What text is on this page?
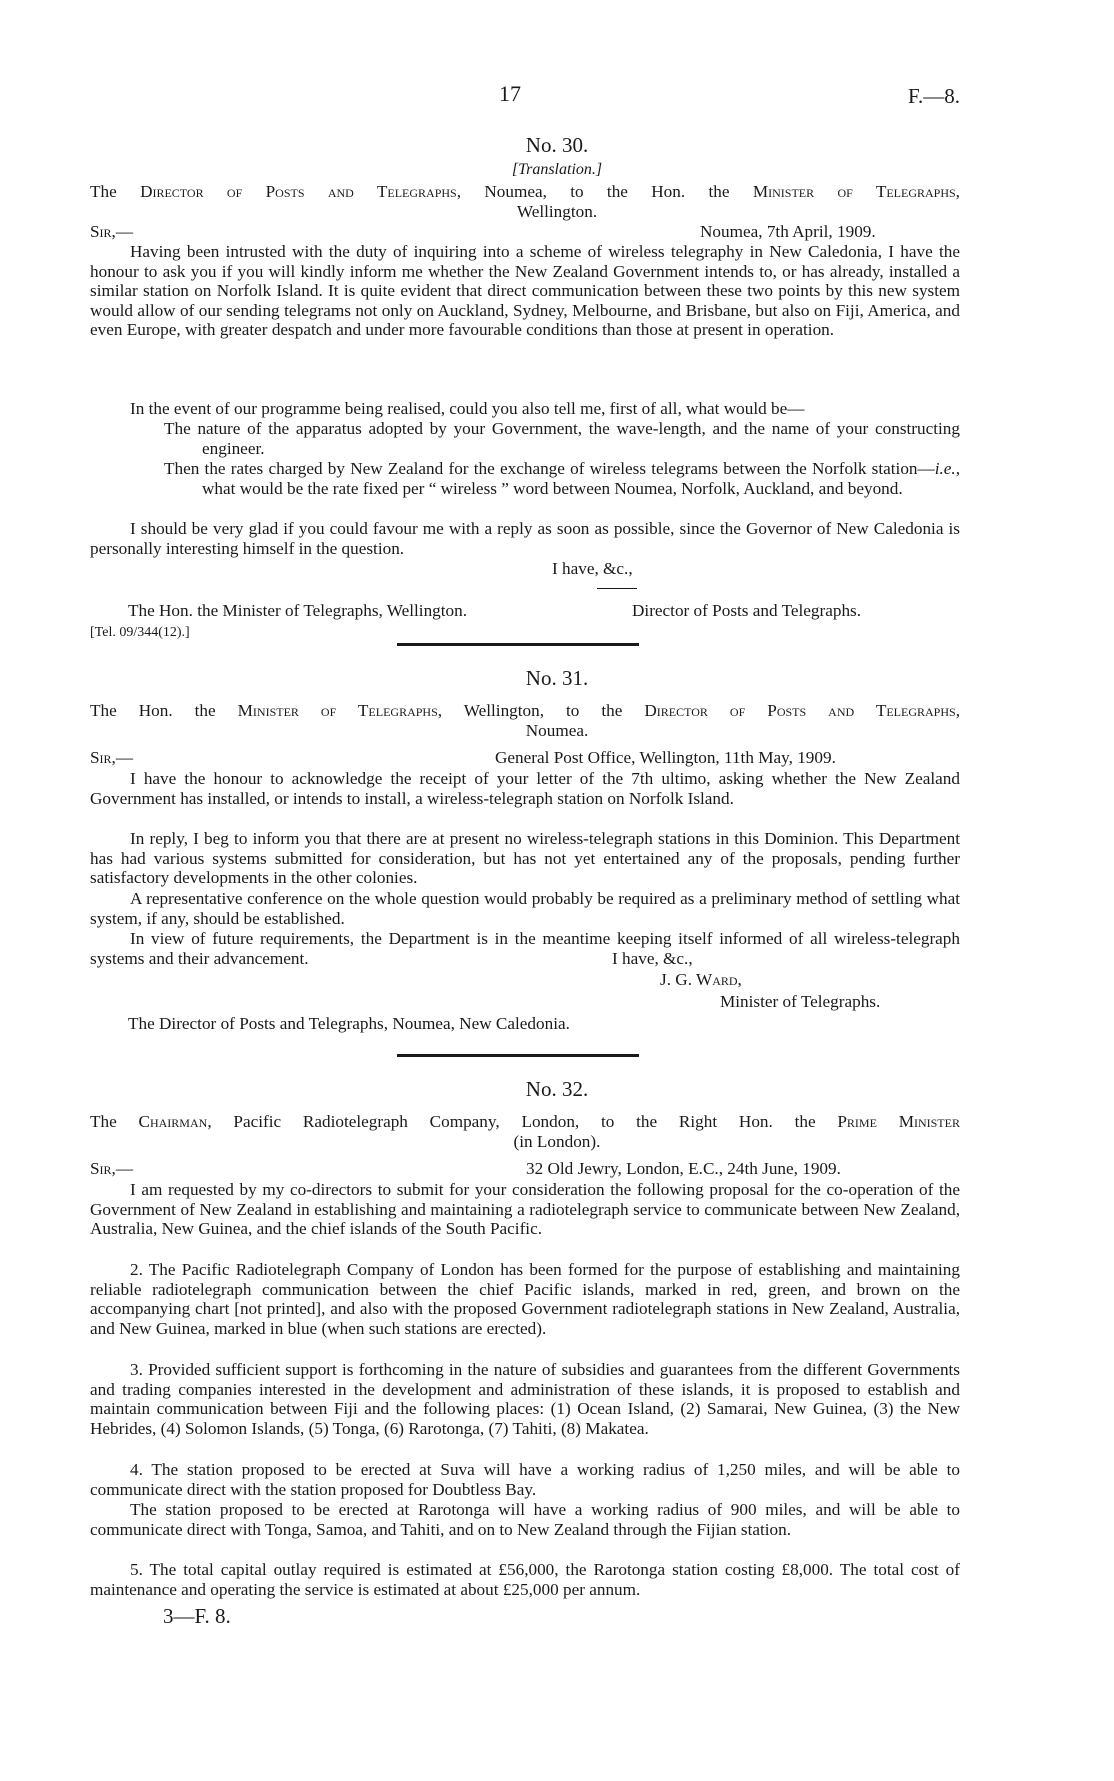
17	F.—8.
No. 30.
[Translation.]
The Director of Posts and Telegraphs, Noumea, to the Hon. the Minister of Telegraphs,
Wellington.
Sir,—	Noumea, 7th April, 1909.
Having been intrusted with the duty of inquiring into a scheme of wireless telegraphy in New Caledonia, I have the honour to ask you if you will kindly inform me whether the New Zealand Government intends to, or has already, installed a similar station on Norfolk Island. It is quite evident that direct communication between these two points by this new system would allow of our sending telegrams not only on Auckland, Sydney, Melbourne, and Brisbane, but also on Fiji, America, and even Europe, with greater despatch and under more favourable conditions than those at present in operation.
In the event of our programme being realised, could you also tell me, first of all, what would be—
The nature of the apparatus adopted by your Government, the wave-length, and the name of your constructing engineer.
Then the rates charged by New Zealand for the exchange of wireless telegrams between the Norfolk station—i.e., what would be the rate fixed per “ wireless ” word between Noumea, Norfolk, Auckland, and beyond.
I should be very glad if you could favour me with a reply as soon as possible, since the Governor of New Caledonia is personally interesting himself in the question.
I have, &c.,
The Hon. the Minister of Telegraphs, Wellington.	Director of Posts and Telegraphs.
[Tel. 09/344(12).]
No. 31.
The Hon. the Minister of Telegraphs, Wellington, to the Director of Posts and Telegraphs,
Noumea.
Sir,—	General Post Office, Wellington, 11th May, 1909.
I have the honour to acknowledge the receipt of your letter of the 7th ultimo, asking whether the New Zealand Government has installed, or intends to install, a wireless-telegraph station on Norfolk Island.
In reply, I beg to inform you that there are at present no wireless-telegraph stations in this Dominion. This Department has had various systems submitted for consideration, but has not yet entertained any of the proposals, pending further satisfactory developments in the other colonies.
A representative conference on the whole question would probably be required as a preliminary method of settling what system, if any, should be established.
In view of future requirements, the Department is in the meantime keeping itself informed of all wireless-telegraph systems and their advancement.	I have, &c.,
J. G. Ward,
Minister of Telegraphs.
The Director of Posts and Telegraphs, Noumea, New Caledonia.
No. 32.
The Chairman, Pacific Radiotelegraph Company, London, to the Right Hon. the Prime Minister
(in London).
Sir,—	32 Old Jewry, London, E.C., 24th June, 1909.
I am requested by my co-directors to submit for your consideration the following proposal for the co-operation of the Government of New Zealand in establishing and maintaining a radiotelegraph service to communicate between New Zealand, Australia, New Guinea, and the chief islands of the South Pacific.
2. The Pacific Radiotelegraph Company of London has been formed for the purpose of establishing and maintaining reliable radiotelegraph communication between the chief Pacific islands, marked in red, green, and brown on the accompanying chart [not printed], and also with the proposed Government radiotelegraph stations in New Zealand, Australia, and New Guinea, marked in blue (when such stations are erected).
3. Provided sufficient support is forthcoming in the nature of subsidies and guarantees from the different Governments and trading companies interested in the development and administration of these islands, it is proposed to establish and maintain communication between Fiji and the following places: (1) Ocean Island, (2) Samarai, New Guinea, (3) the New Hebrides, (4) Solomon Islands, (5) Tonga, (6) Rarotonga, (7) Tahiti, (8) Makatea.
4. The station proposed to be erected at Suva will have a working radius of 1,250 miles, and will be able to communicate direct with the station proposed for Doubtless Bay.
The station proposed to be erected at Rarotonga will have a working radius of 900 miles, and will be able to communicate direct with Tonga, Samoa, and Tahiti, and on to New Zealand through the Fijian station.
5. The total capital outlay required is estimated at £56,000, the Rarotonga station costing £8,000. The total cost of maintenance and operating the service is estimated at about £25,000 per annum.
3—F. 8.
